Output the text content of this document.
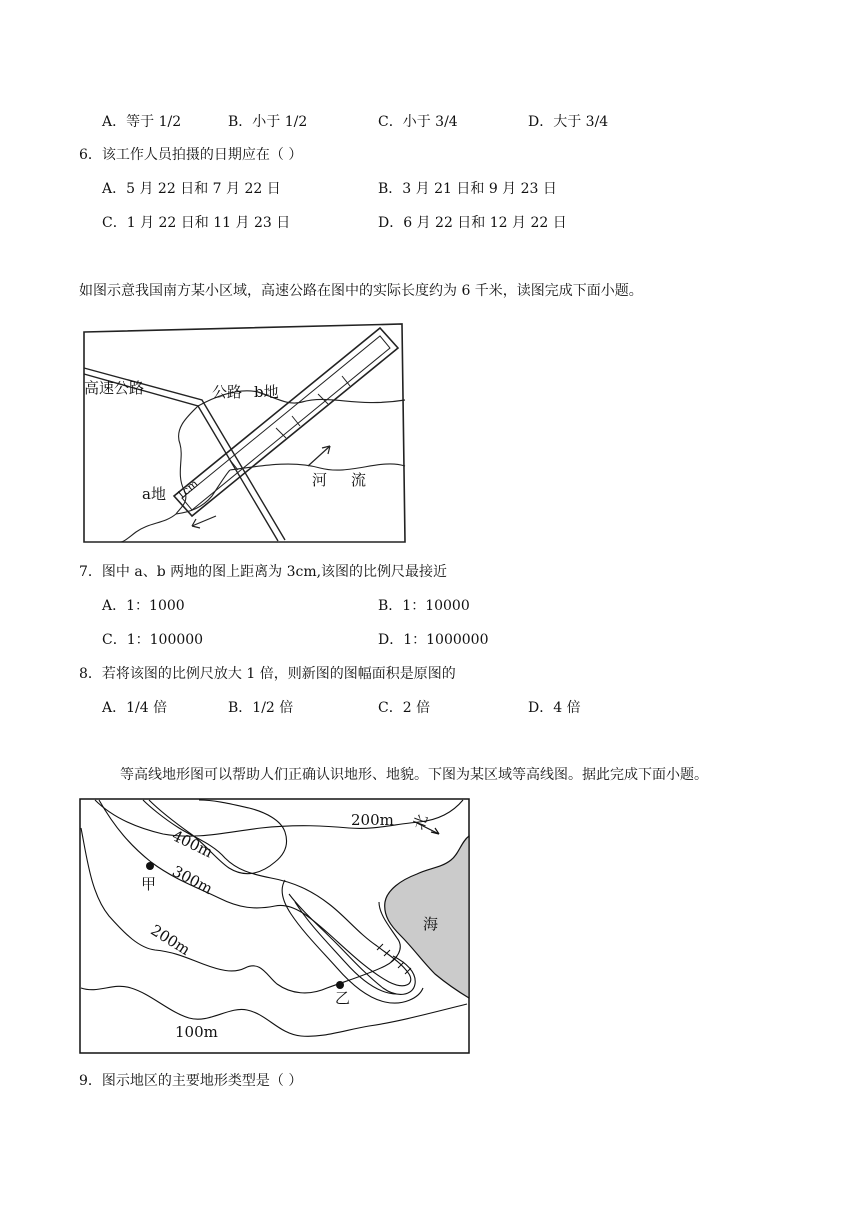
A．等于 1/2	B．小于 1/2	C．小于 3/4	D．大于 3/4
6．该工作人员拍摄的日期应在（ ）
A．5 月 22 日和 7 月 22 日	B．3 月 21 日和 9 月 23 日
C．1 月 22 日和 11 月 23 日	D．6 月 22 日和 12 月 22 日
如图示意我国南方某小区域，高速公路在图中的实际长度约为 6 千米，读图完成下面小题。
高速公路	公路 b地
a地
河流
1cm
7．图中 a、b 两地的图上距离为 3cm,该图的比例尺最接近
A．1：1000	B．1：10000
C．1：100000	D．1：1000000
8．若将该图的比例尺放大 1 倍，则新图的图幅面积是原图的
A．1/4 倍	B．1/2 倍	C．2 倍	D．4 倍
等高线地形图可以帮助人们正确认识地形、地貌。下图为某区域等高线图。据此完成下面小题。
200m
400m
300m
200m
100m
北
海
甲
乙
9．图示地区的主要地形类型是（ ）
